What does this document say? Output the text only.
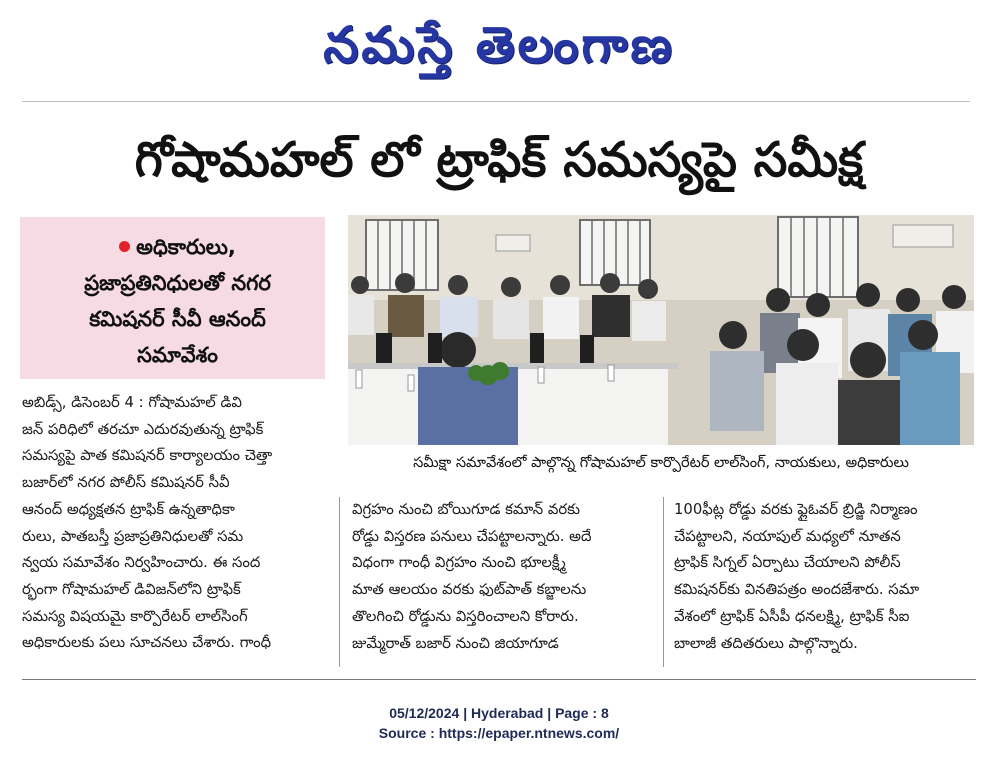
నమస్తే తెలంగాణ
గోషామహల్ లో ట్రాఫిక్ సమస్యపై సమీక్ష
అధికారులు,
ప్రజాప్రతినిధులతో నగర
కమిషనర్ సీవీ ఆనంద్
సమావేశం
సమీక్షా సమావేశంలో పాల్గొన్న గోషామహల్ కార్పొరేటర్ లాల్‌సింగ్, నాయకులు, అధికారులు
అబిడ్స్, డిసెంబర్ 4 : గోషామహల్ డివి
జన్ పరిధిలో తరచూ ఎదురవుతున్న ట్రాఫిక్
సమస్యపై పాత కమిషనర్ కార్యాలయం చెత్తా
బజార్‌లో నగర పోలీస్ కమిషనర్ సీవీ
ఆనంద్ అధ్యక్షతన ట్రాఫిక్ ఉన్నతాధికా
రులు, పాతబస్తీ ప్రజాప్రతినిధులతో సమ
న్వయ సమావేశం నిర్వహించారు. ఈ సంద
ర్భంగా గోషామహల్ డివిజన్‌లోని ట్రాఫిక్
సమస్య విషయమై కార్పొరేటర్ లాల్‌సింగ్
అధికారులకు పలు సూచనలు చేశారు. గాంధీ
విగ్రహం నుంచి బోయిగూడ కమాన్ వరకు
రోడ్డు విస్తరణ పనులు చేపట్టాలన్నారు. అదే
విధంగా గాంధీ విగ్రహం నుంచి భూలక్ష్మీ
మాత ఆలయం వరకు ఫుట్‌పాత్ కబ్జాలను
తొలగించి రోడ్డును విస్తరించాలని కోరారు.
జుమ్మేరాత్ బజార్ నుంచి జియాగూడ
100ఫీట్ల రోడ్డు వరకు ఫ్లైఓవర్ బ్రిడ్జి నిర్మాణం
చేపట్టాలని, నయాపుల్ మధ్యలో నూతన
ట్రాఫిక్ సిగ్నల్ ఏర్పాటు చేయాలని పోలీస్
కమిషనర్‌కు వినతిపత్రం అందజేశారు. సమా
వేశంలో ట్రాఫిక్ ఏసీపీ ధనలక్ష్మి, ట్రాఫిక్ సీఐ
బాలాజీ తదితరులు పాల్గొన్నారు.
05/12/2024 | Hyderabad | Page : 8
Source : https://epaper.ntnews.com/
